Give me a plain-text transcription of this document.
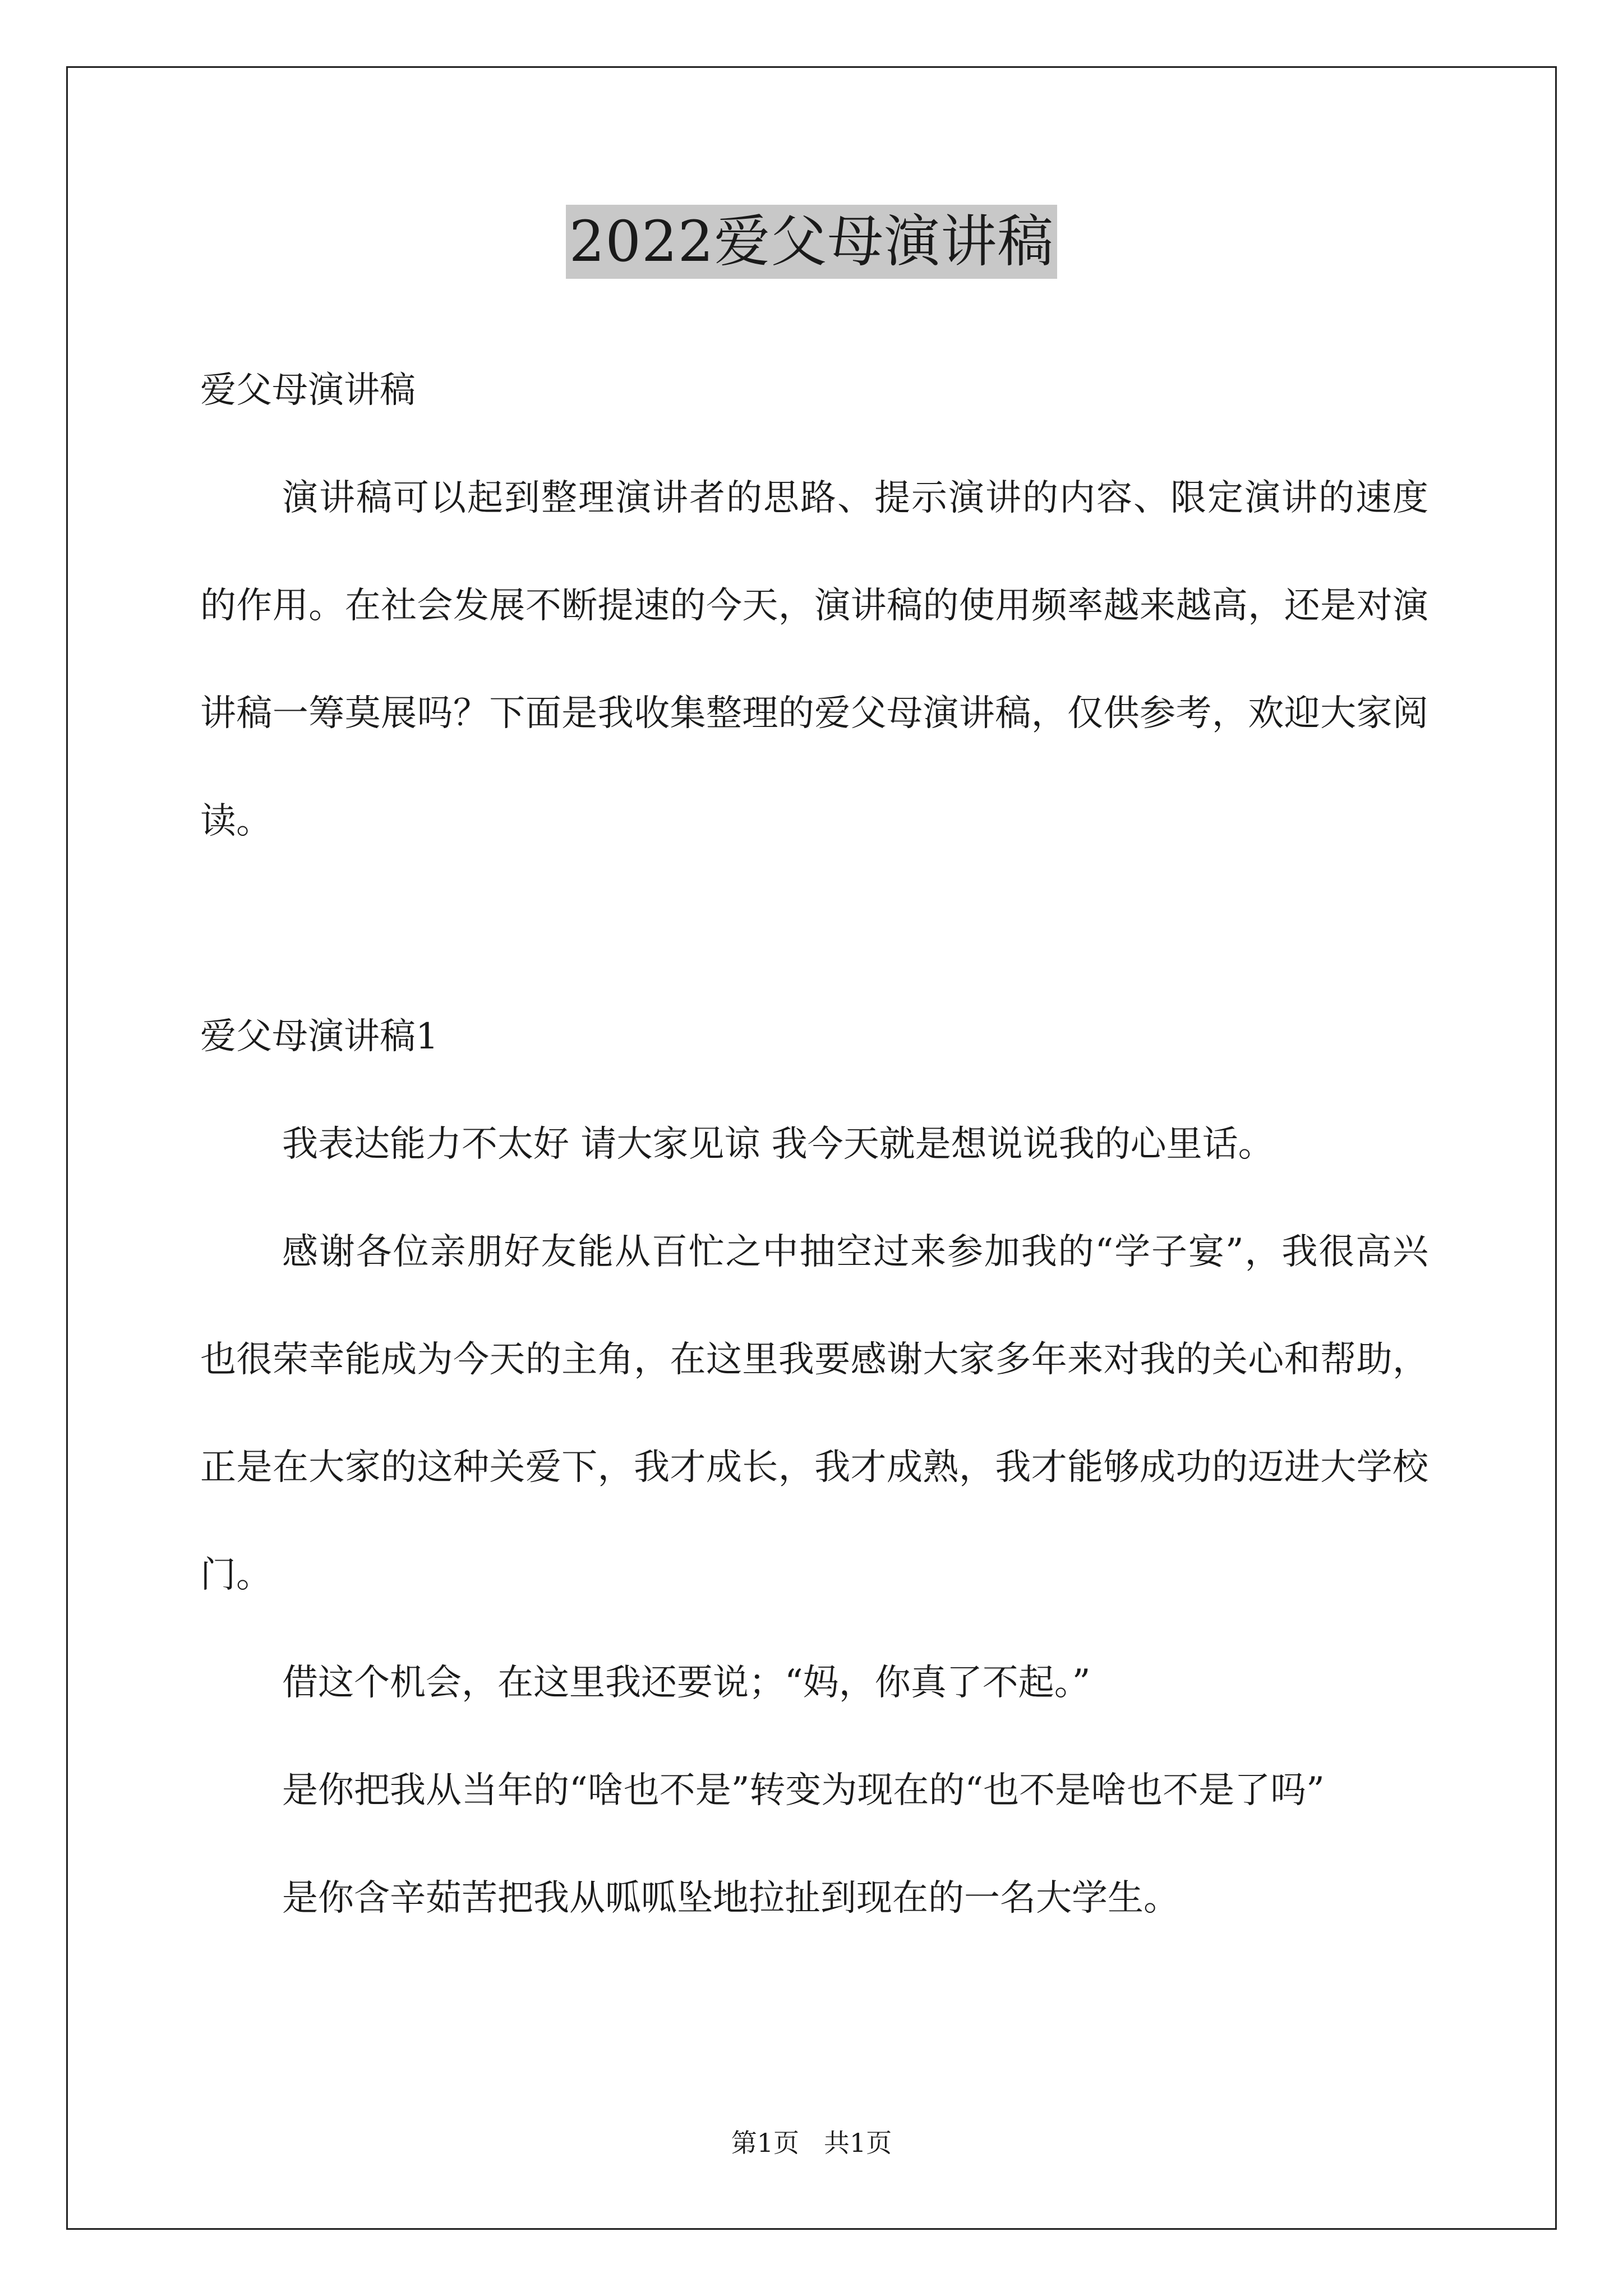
2022爱父母演讲稿

爱父母演讲稿

演讲稿可以起到整理演讲者的思路、提示演讲的内容、限定演讲的速度的作用。在社会发展不断提速的今天，演讲稿的使用频率越来越高，还是对演讲稿一筹莫展吗？下面是我收集整理的爱父母演讲稿，仅供参考，欢迎大家阅读。

爱父母演讲稿1

我表达能力不太好 请大家见谅 我今天就是想说说我的心里话。

感谢各位亲朋好友能从百忙之中抽空过来参加我的“学子宴”，我很高兴也很荣幸能成为今天的主角，在这里我要感谢大家多年来对我的关心和帮助，正是在大家的这种关爱下，我才成长，我才成熟，我才能够成功的迈进大学校门。

借这个机会，在这里我还要说；“妈，你真了不起。”

是你把我从当年的“啥也不是”转变为现在的“也不是啥也不是了吗”

是你含辛茹苦把我从呱呱坠地拉扯到现在的一名大学生。

第1页 共1页
